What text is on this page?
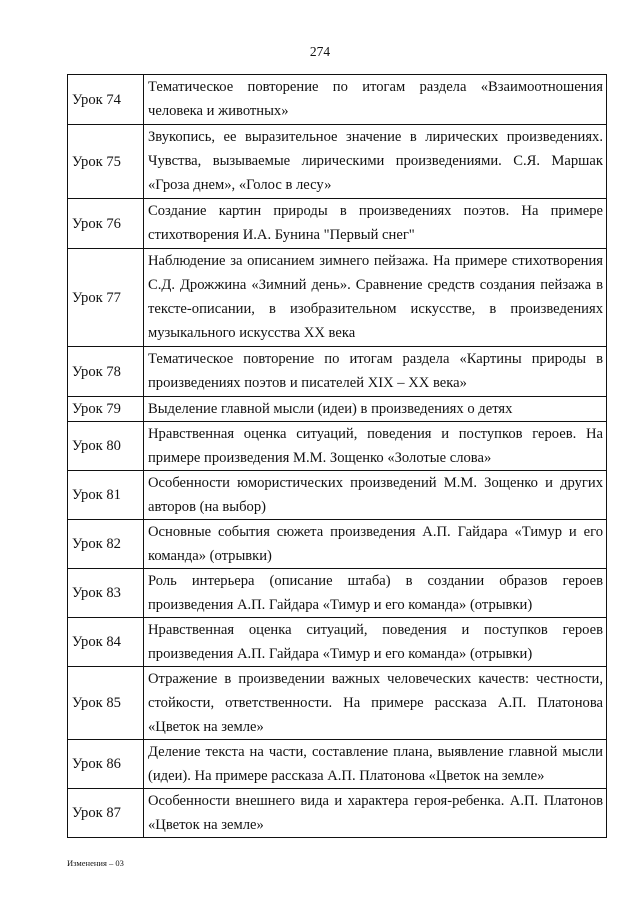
274
Урок 74	Тематическое повторение по итогам раздела «Взаимоотношения человека и животных»
Урок 75	Звукопись, ее выразительное значение в лирических произведениях. Чувства, вызываемые лирическими произведениями. С.Я. Маршак «Гроза днем», «Голос в лесу»
Урок 76	Создание картин природы в произведениях поэтов. На примере стихотворения И.А. Бунина "Первый снег"
Урок 77	Наблюдение за описанием зимнего пейзажа. На примере стихотворения С.Д. Дрожжина «Зимний день». Сравнение средств создания пейзажа в тексте-описании, в изобразительном искусстве, в произведениях музыкального искусства XX века
Урок 78	Тематическое повторение по итогам раздела «Картины природы в произведениях поэтов и писателей XIX – XX века»
Урок 79	Выделение главной мысли (идеи) в произведениях о детях
Урок 80	Нравственная оценка ситуаций, поведения и поступков героев. На примере произведения М.М. Зощенко «Золотые слова»
Урок 81	Особенности юмористических произведений М.М. Зощенко и других авторов (на выбор)
Урок 82	Основные события сюжета произведения А.П. Гайдара «Тимур и его команда» (отрывки)
Урок 83	Роль интерьера (описание штаба) в создании образов героев произведения А.П. Гайдара «Тимур и его команда» (отрывки)
Урок 84	Нравственная оценка ситуаций, поведения и поступков героев произведения А.П. Гайдара «Тимур и его команда» (отрывки)
Урок 85	Отражение в произведении важных человеческих качеств: честности, стойкости, ответственности. На примере рассказа А.П. Платонова «Цветок на земле»
Урок 86	Деление текста на части, составление плана, выявление главной мысли (идеи). На примере рассказа А.П. Платонова «Цветок на земле»
Урок 87	Особенности внешнего вида и характера героя-ребенка. А.П. Платонов «Цветок на земле»
Изменения – 03
